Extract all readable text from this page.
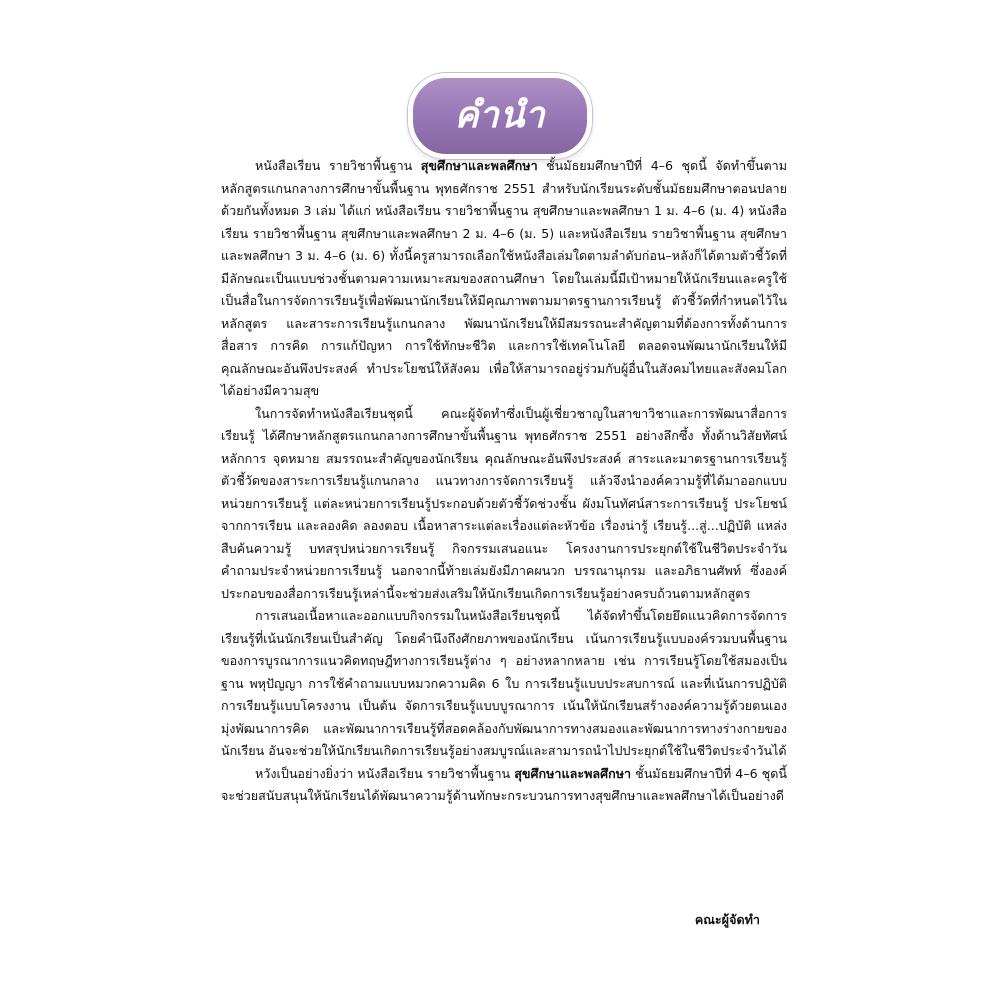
คำนำ

หนังสือเรียน รายวิชาพื้นฐาน สุขศึกษาและพลศึกษา ชั้นมัธยมศึกษาปีที่ 4–6 ชุดนี้ จัดทำขึ้นตามหลักสูตรแกนกลางการศึกษาขั้นพื้นฐาน พุทธศักราช 2551 สำหรับนักเรียนระดับชั้นมัธยมศึกษาตอนปลาย ด้วยกันทั้งหมด 3 เล่ม ได้แก่ หนังสือเรียน รายวิชาพื้นฐาน สุขศึกษาและพลศึกษา 1 ม. 4–6 (ม. 4) หนังสือเรียน รายวิชาพื้นฐาน สุขศึกษาและพลศึกษา 2 ม. 4–6 (ม. 5) และหนังสือเรียน รายวิชาพื้นฐาน สุขศึกษาและพลศึกษา 3 ม. 4–6 (ม. 6) ทั้งนี้ครูสามารถเลือกใช้หนังสือเล่มใดตามลำดับก่อน–หลังก็ได้ตามตัวชี้วัดที่มีลักษณะเป็นแบบช่วงชั้นตามความเหมาะสมของสถานศึกษา โดยในเล่มนี้มีเป้าหมายให้นักเรียนและครูใช้เป็นสื่อในการจัดการเรียนรู้เพื่อพัฒนานักเรียนให้มีคุณภาพตามมาตรฐานการเรียนรู้ ตัวชี้วัดที่กำหนดไว้ในหลักสูตร และสาระการเรียนรู้แกนกลาง พัฒนานักเรียนให้มีสมรรถนะสำคัญตามที่ต้องการทั้งด้านการสื่อสาร การคิด การแก้ปัญหา การใช้ทักษะชีวิต และการใช้เทคโนโลยี ตลอดจนพัฒนานักเรียนให้มีคุณลักษณะอันพึงประสงค์ ทำประโยชน์ให้สังคม เพื่อให้สามารถอยู่ร่วมกับผู้อื่นในสังคมไทยและสังคมโลกได้อย่างมีความสุข

ในการจัดทำหนังสือเรียนชุดนี้ คณะผู้จัดทำซึ่งเป็นผู้เชี่ยวชาญในสาขาวิชาและการพัฒนาสื่อการเรียนรู้ ได้ศึกษาหลักสูตรแกนกลางการศึกษาขั้นพื้นฐาน พุทธศักราช 2551 อย่างลึกซึ้ง ทั้งด้านวิสัยทัศน์ หลักการ จุดหมาย สมรรถนะสำคัญของนักเรียน คุณลักษณะอันพึงประสงค์ สาระและมาตรฐานการเรียนรู้ ตัวชี้วัดของสาระการเรียนรู้แกนกลาง แนวทางการจัดการเรียนรู้ แล้วจึงนำองค์ความรู้ที่ได้มาออกแบบหน่วยการเรียนรู้ แต่ละหน่วยการเรียนรู้ประกอบด้วยตัวชี้วัดช่วงชั้น ผังมโนทัศน์สาระการเรียนรู้ ประโยชน์จากการเรียน และลองคิด ลองตอบ เนื้อหาสาระแต่ละเรื่องแต่ละหัวข้อ เรื่องน่ารู้ เรียนรู้...สู่...ปฏิบัติ แหล่งสืบค้นความรู้ บทสรุปหน่วยการเรียนรู้ กิจกรรมเสนอแนะ โครงงานการประยุกต์ใช้ในชีวิตประจำวัน คำถามประจำหน่วยการเรียนรู้ นอกจากนี้ท้ายเล่มยังมีภาคผนวก บรรณานุกรม และอภิธานศัพท์ ซึ่งองค์ประกอบของสื่อการเรียนรู้เหล่านี้จะช่วยส่งเสริมให้นักเรียนเกิดการเรียนรู้อย่างครบถ้วนตามหลักสูตร

การเสนอเนื้อหาและออกแบบกิจกรรมในหนังสือเรียนชุดนี้ ได้จัดทำขึ้นโดยยึดแนวคิดการจัดการเรียนรู้ที่เน้นนักเรียนเป็นสำคัญ โดยคำนึงถึงศักยภาพของนักเรียน เน้นการเรียนรู้แบบองค์รวมบนพื้นฐานของการบูรณาการแนวคิดทฤษฎีทางการเรียนรู้ต่าง ๆ อย่างหลากหลาย เช่น การเรียนรู้โดยใช้สมองเป็นฐาน พหุปัญญา การใช้คำถามแบบหมวกความคิด 6 ใบ การเรียนรู้แบบประสบการณ์ และที่เน้นการปฏิบัติ การเรียนรู้แบบโครงงาน เป็นต้น จัดการเรียนรู้แบบบูรณาการ เน้นให้นักเรียนสร้างองค์ความรู้ด้วยตนเอง มุ่งพัฒนาการคิด และพัฒนาการเรียนรู้ที่สอดคล้องกับพัฒนาการทางสมองและพัฒนาการทางร่างกายของนักเรียน อันจะช่วยให้นักเรียนเกิดการเรียนรู้อย่างสมบูรณ์และสามารถนำไปประยุกต์ใช้ในชีวิตประจำวันได้

หวังเป็นอย่างยิ่งว่า หนังสือเรียน รายวิชาพื้นฐาน สุขศึกษาและพลศึกษา ชั้นมัธยมศึกษาปีที่ 4–6 ชุดนี้จะช่วยสนับสนุนให้นักเรียนได้พัฒนาความรู้ด้านทักษะกระบวนการทางสุขศึกษาและพลศึกษาได้เป็นอย่างดี

คณะผู้จัดทำ
